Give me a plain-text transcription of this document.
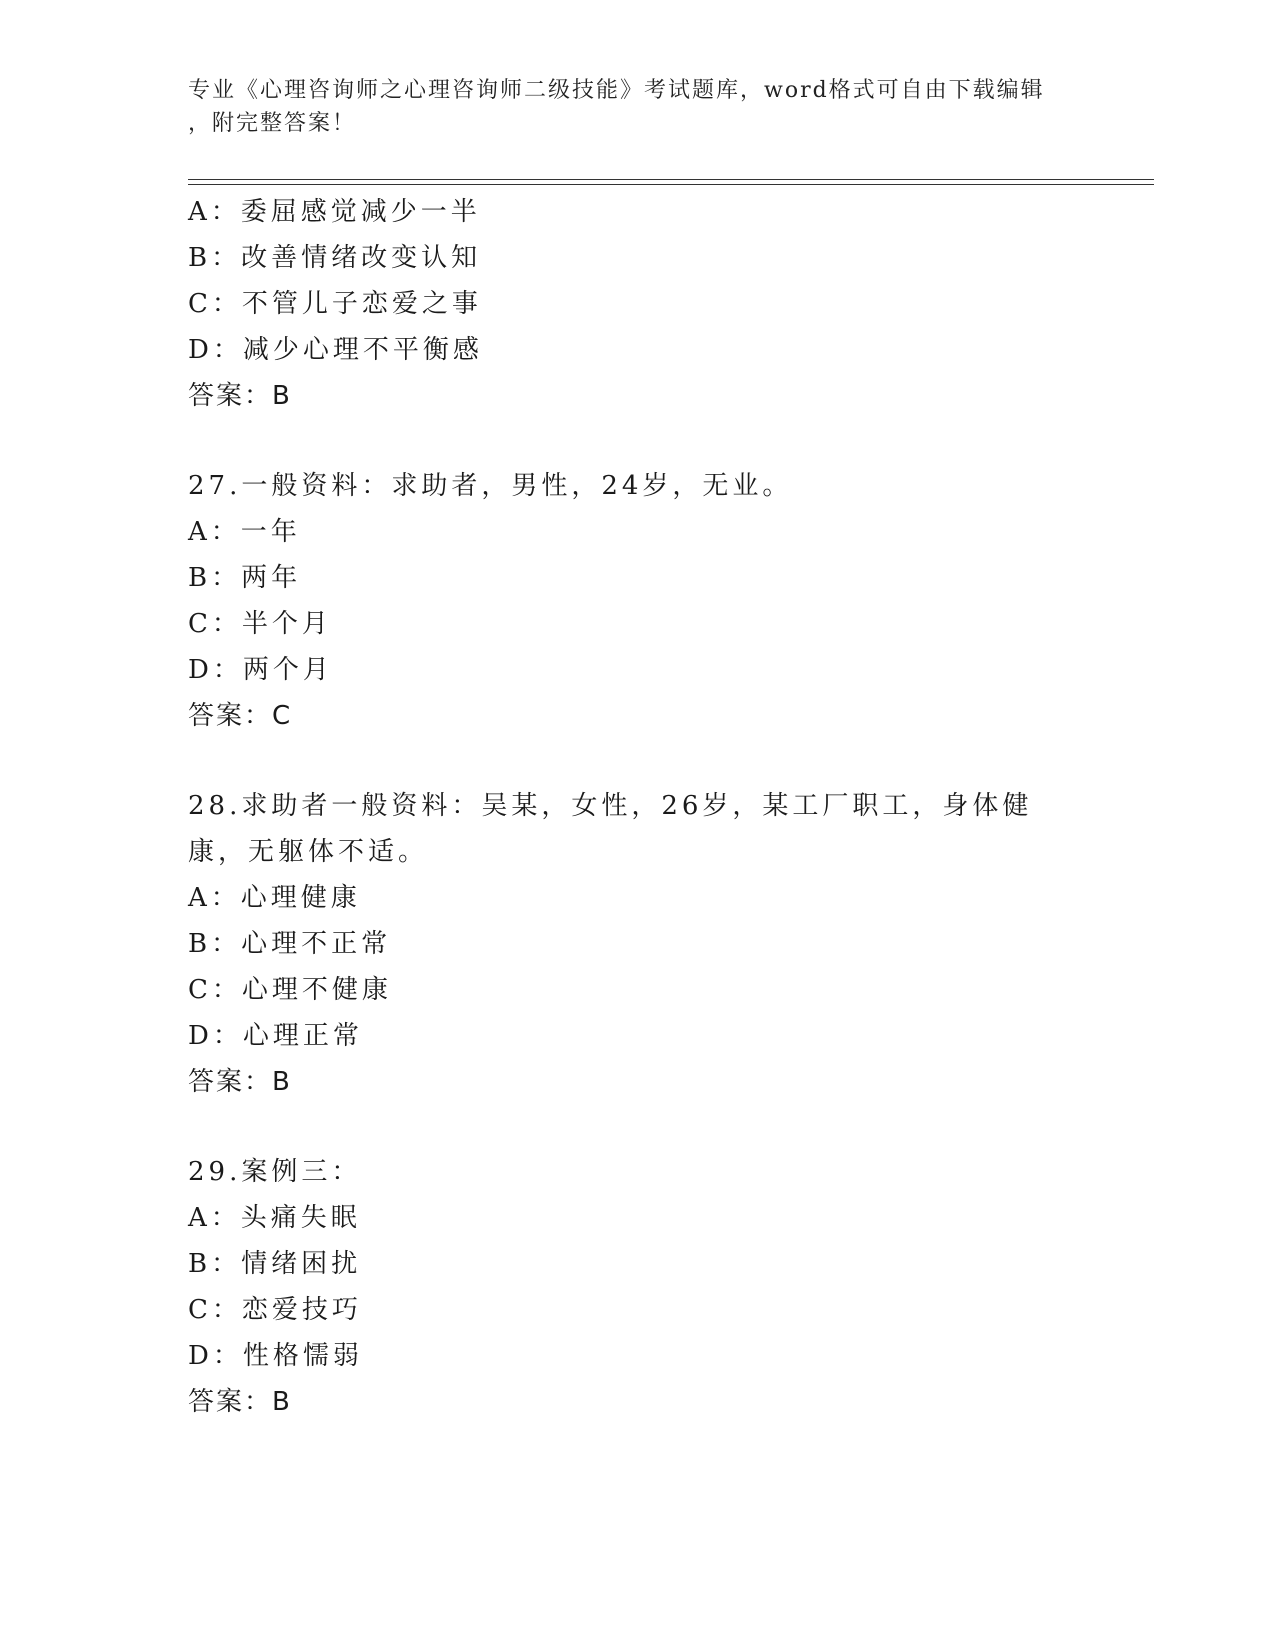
专业《心理咨询师之心理咨询师二级技能》考试题库，word格式可自由下载编辑
，附完整答案！
A：委屈感觉减少一半
B：改善情绪改变认知
C：不管儿子恋爱之事
D：减少心理不平衡感
答案：B
27.一般资料：求助者，男性，24岁，无业。
A：一年
B：两年
C：半个月
D：两个月
答案：C
28.求助者一般资料：吴某，女性，26岁，某工厂职工，身体健康，无躯体不适。
A：心理健康
B：心理不正常
C：心理不健康
D：心理正常
答案：B
29.案例三：
A：头痛失眠
B：情绪困扰
C：恋爱技巧
D：性格懦弱
答案：B
